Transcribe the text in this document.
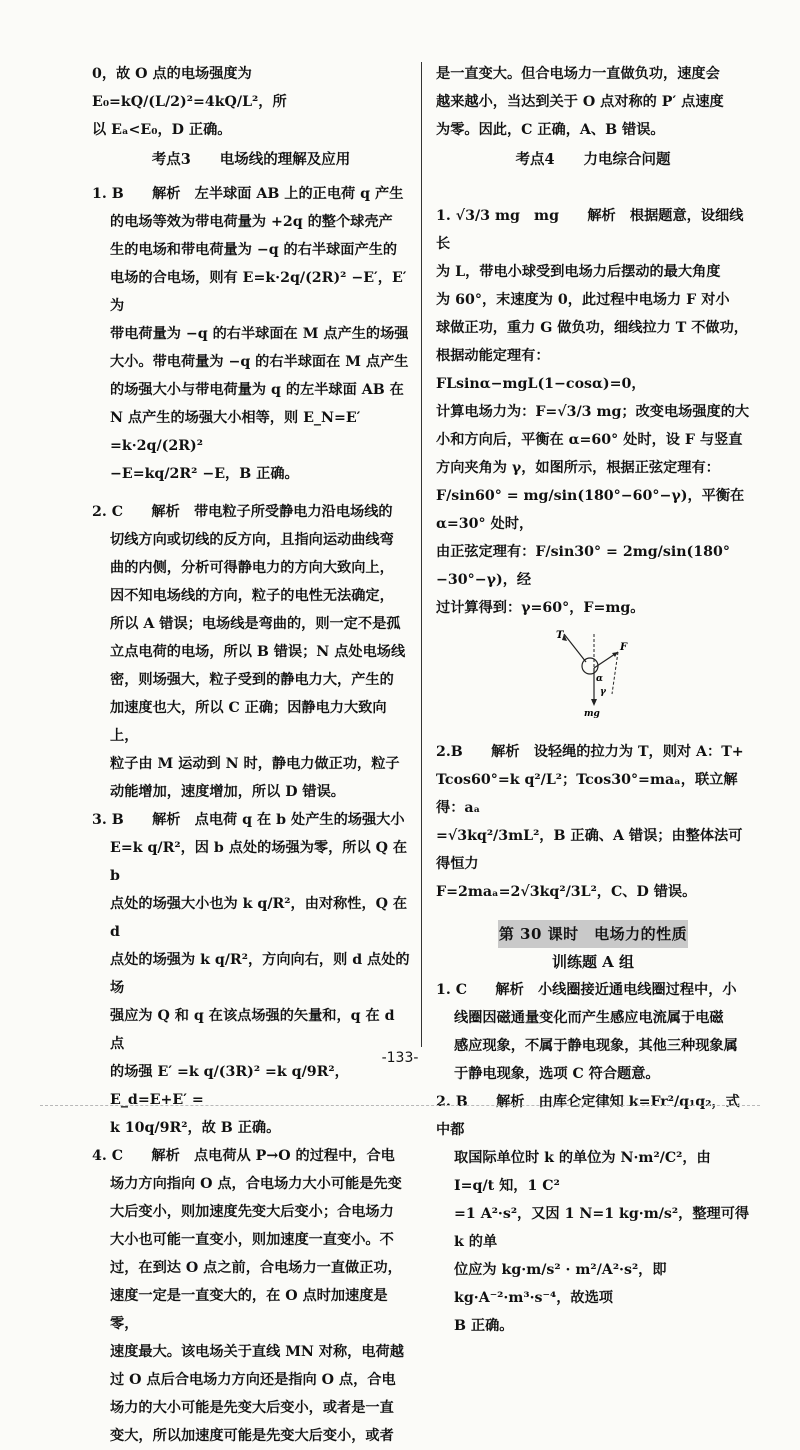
0，故 O 点的电场强度为 E₀=kQ/(L/2)²=4kQ/L²，所

以 Eₐ<E₀，D 正确。

考点3　　电场线的理解及应用

1. B　　解析　左半球面 AB 上的正电荷 q 产生

的电场等效为带电荷量为 +2q 的整个球壳产

生的电场和带电荷量为 −q 的右半球面产生的

电场的合电场，则有 E=k·2q/(2R)² −E′，E′ 为

带电荷量为 −q 的右半球面在 M 点产生的场强

大小。带电荷量为 −q 的右半球面在 M 点产生

的场强大小与带电荷量为 q 的左半球面 AB 在

N 点产生的场强大小相等，则 E_N=E′ =k·2q/(2R)²

−E=kq/2R² −E，B 正确。

2. C　　解析　带电粒子所受静电力沿电场线的

切线方向或切线的反方向，且指向运动曲线弯

曲的内侧，分析可得静电力的方向大致向上，

因不知电场线的方向，粒子的电性无法确定，

所以 A 错误；电场线是弯曲的，则一定不是孤

立点电荷的电场，所以 B 错误；N 点处电场线

密，则场强大，粒子受到的静电力大，产生的

加速度也大，所以 C 正确；因静电力大致向上，

粒子由 M 运动到 N 时，静电力做正功，粒子

动能增加，速度增加，所以 D 错误。

3. B　　解析　点电荷 q 在 b 处产生的场强大小

E=k q/R²，因 b 点处的场强为零，所以 Q 在 b

点处的场强大小也为 k q/R²，由对称性，Q 在 d

点处的场强为 k q/R²，方向向右，则 d 点处的场

强应为 Q 和 q 在该点场强的矢量和，q 在 d 点

的场强 E′ =k q/(3R)² =k q/9R²，E_d=E+E′ =

k 10q/9R²，故 B 正确。

4. C　　解析　点电荷从 P→O 的过程中，合电

场力方向指向 O 点，合电场力大小可能是先变

大后变小，则加速度先变大后变小；合电场力

大小也可能一直变小，则加速度一直变小。不

过，在到达 O 点之前，合电场力一直做正功，

速度一定是一直变大的，在 O 点时加速度是零，

速度最大。该电场关于直线 MN 对称，电荷越

过 O 点后合电场力方向还是指向 O 点，合电

场力的大小可能是先变大后变小，或者是一直

变大，所以加速度可能是先变大后变小，或者

是一直变大。但合电场力一直做负功，速度会

越来越小，当达到关于 O 点对称的 P′ 点速度

为零。因此，C 正确，A、B 错误。

考点4　　力电综合问题

1. √3/3 mg　mg　　解析　根据题意，设细线长

为 L，带电小球受到电场力后摆动的最大角度

为 60°，末速度为 0，此过程中电场力 F 对小

球做正功，重力 G 做负功，细线拉力 T 不做功，

根据动能定理有：FLsinα−mgL(1−cosα)=0，

计算电场力为：F=√3/3 mg；改变电场强度的大

小和方向后，平衡在 α=60° 处时，设 F 与竖直

方向夹角为 γ，如图所示，根据正弦定理有：

F/sin60° = mg/sin(180°−60°−γ)，平衡在 α=30° 处时，

由正弦定理有：F/sin30° = 2mg/sin(180°−30°−γ)，经

过计算得到：γ=60°，F=mg。

T
F
α
γ
mg

2.B　　解析　设轻绳的拉力为 T，则对 A：T+

Tcos60°=k q²/L²；Tcos30°=maₐ，联立解得：aₐ

=√3kq²/3mL²，B 正确、A 错误；由整体法可得恒力

F=2maₐ=2√3kq²/3L²，C、D 错误。

第 30 课时　电场力的性质

训练题 A 组

1. C　　解析　小线圈接近通电线圈过程中，小

线圈因磁通量变化而产生感应电流属于电磁

感应现象，不属于静电现象，其他三种现象属

于静电现象，选项 C 符合题意。

2. B　　解析　由库仑定律知 k=Fr²/q₁q₂，式中都

取国际单位时 k 的单位为 N·m²/C²，由 I=q/t 知，1 C²

=1 A²·s²，又因 1 N=1 kg·m/s²，整理可得 k 的单

位应为 kg·m/s² · m²/A²·s²，即 kg·A⁻²·m³·s⁻⁴，故选项

B 正确。

-133-
